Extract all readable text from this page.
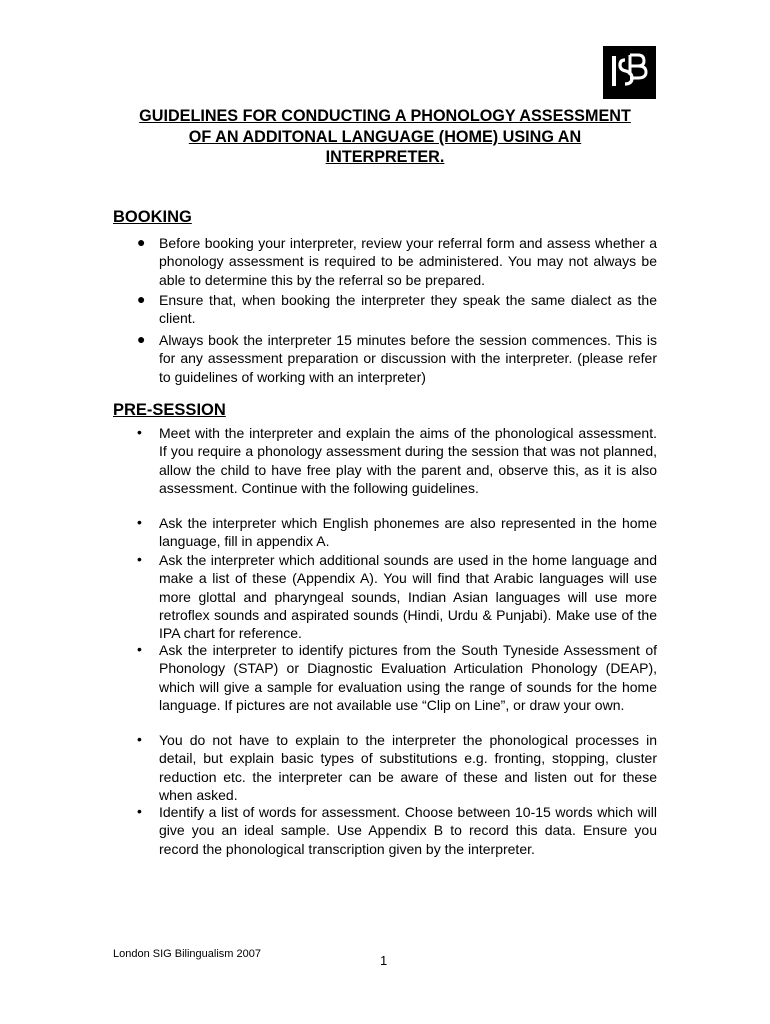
GUIDELINES FOR CONDUCTING A PHONOLOGY ASSESSMENT
OF AN ADDITONAL LANGUAGE (HOME) USING AN
INTERPRETER.
BOOKING
● Before booking your interpreter, review your referral form and assess whether a phonology assessment is required to be administered. You may not always be able to determine this by the referral so be prepared.
● Ensure that, when booking the interpreter they speak the same dialect as the client.
● Always book the interpreter 15 minutes before the session commences. This is for any assessment preparation or discussion with the interpreter. (please refer to guidelines of working with an interpreter)
PRE-SESSION
• Meet with the interpreter and explain the aims of the phonological assessment. If you require a phonology assessment during the session that was not planned, allow the child to have free play with the parent and, observe this, as it is also assessment. Continue with the following guidelines.
• Ask the interpreter which English phonemes are also represented in the home language, fill in appendix A.
• Ask the interpreter which additional sounds are used in the home language and make a list of these (Appendix A). You will find that Arabic languages will use more glottal and pharyngeal sounds, Indian Asian languages will use more retroflex sounds and aspirated sounds (Hindi, Urdu & Punjabi). Make use of the IPA chart for reference.
• Ask the interpreter to identify pictures from the South Tyneside Assessment of Phonology (STAP) or Diagnostic Evaluation Articulation Phonology (DEAP), which will give a sample for evaluation using the range of sounds for the home language. If pictures are not available use “Clip on Line”, or draw your own.
• You do not have to explain to the interpreter the phonological processes in detail, but explain basic types of substitutions e.g. fronting, stopping, cluster reduction etc. the interpreter can be aware of these and listen out for these when asked.
• Identify a list of words for assessment. Choose between 10-15 words which will give you an ideal sample. Use Appendix B to record this data. Ensure you record the phonological transcription given by the interpreter.
London SIG Bilingualism 2007	1
